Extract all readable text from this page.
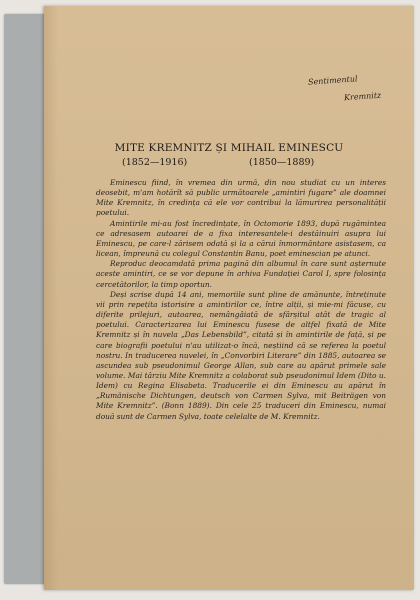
Sentimentul
Kremnitz
MITE KREMNITZ ȘI MIHAIL EMINESCU
(1852—1916)	(1850—1889)

Eminescu fiind, în vremea din urmă, din nou studiat cu un interes deosebit, m'am hotărît să public următoarele „amintiri fugare” ale doamnei Mite Kremnitz, în credința că ele vor contribui la lămurirea personalității poetului.

Amintirile mi-au fost încredințate, în Octomorie 1893, după rugămintea ce adresasem autoarei de a fixa interesantele-i destăinuiri asupra lui Eminescu, pe care-l zărisem odată și la a cărui înmormântare asistasem, ca licean, împreună cu colegul Constantin Banu, poet eminescian pe atunci.

Reproduc deocamdată prima pagină din albumul în care sunt așternute aceste amintiri, ce se vor depune în arhiva Fundației Carol I, spre folosința cercetătorilor, la timp oportun.

Deși scrise după 14 ani, memoriile sunt pline de amănunte, întreținute vii prin repețita istorisire a amintirilor ce, între alții, și mie-mi făcuse, cu diferite prilejuri, autoarea, nemângâiată de sfârșitul atât de tragic al poetului. Caracterizarea lui Eminescu fusese de altfel fixată de Mite Kremnitz și în nuvela „Das Lebensbild”, citată și în amintirile de față, și pe care biografii poetului n'au utilizat-o încă, neștiind că se referea la poetul nostru. In traducerea nuvelei, în „Convorbiri Literare” din 1885, autoarea se ascundea sub pseudonimul George Allan, sub care au apărut primele sale volume. Mai târziu Mite Kremnitz a colaborat sub pseudonimul Idem (Dito u. Idem) cu Regina Elisabeta. Traducerile ei din Eminescu au apărut în „Rumänische Dichtungen, deutsch von Carmen Sylva, mit Beiträgen von Mite Kremnitz”. (Bonn 1889). Din cele 25 traduceri din Eminescu, numai două sunt de Carmen Sylva, toate celelalte de M. Kremnitz.
